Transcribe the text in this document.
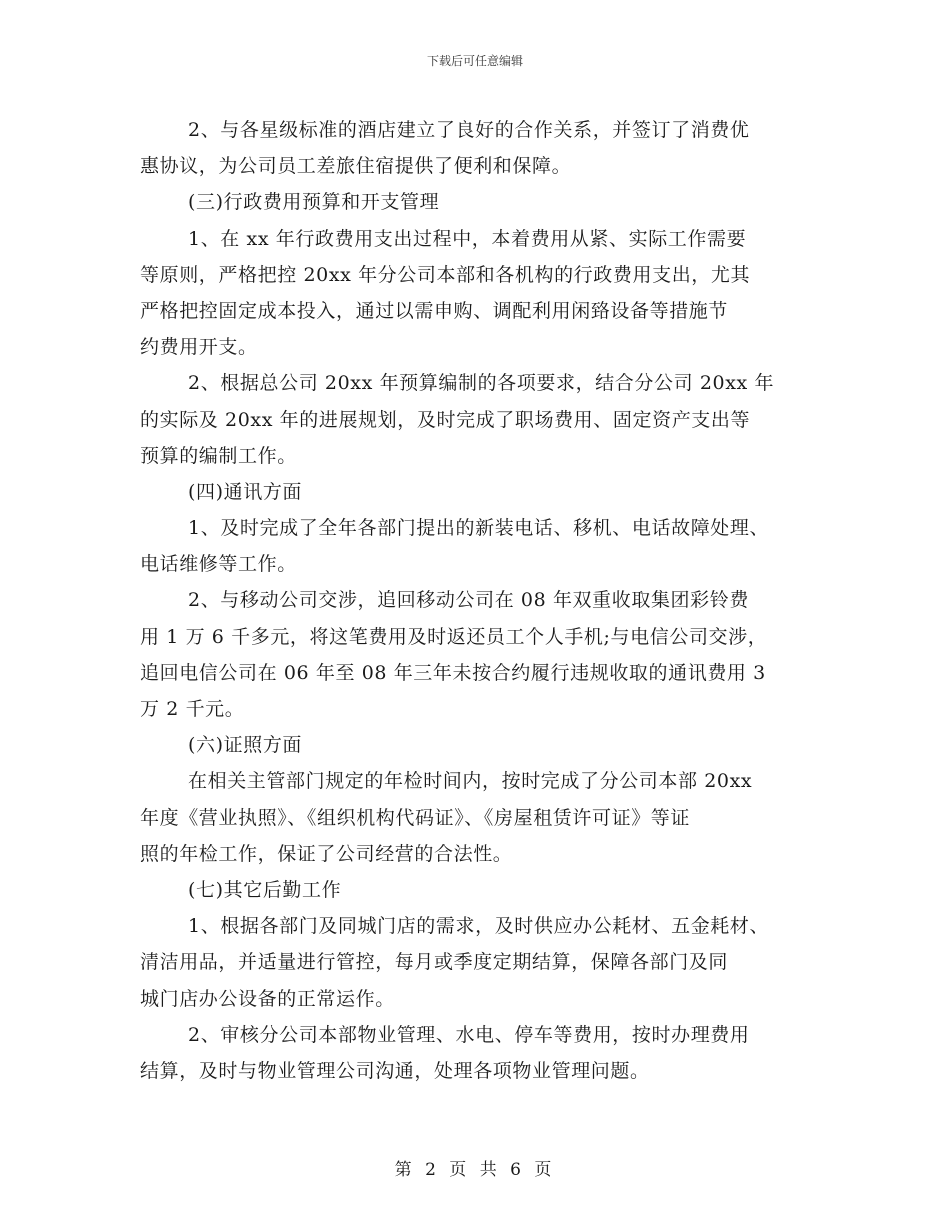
下载后可任意编辑
2、与各星级标准的酒店建立了良好的合作关系，并签订了消费优
惠协议，为公司员工差旅住宿提供了便利和保障。
(三)行政费用预算和开支管理
1、在 xx 年行政费用支出过程中，本着费用从紧、实际工作需要
等原则，严格把控 20xx 年分公司本部和各机构的行政费用支出，尤其
严格把控固定成本投入，通过以需申购、调配利用闲臵设备等措施节
约费用开支。
2、根据总公司 20xx 年预算编制的各项要求，结合分公司 20xx 年
的实际及 20xx 年的进展规划，及时完成了职场费用、固定资产支出等
预算的编制工作。
(四)通讯方面
1、及时完成了全年各部门提出的新装电话、移机、电话故障处理、
电话维修等工作。
2、与移动公司交涉，追回移动公司在 08 年双重收取集团彩铃费
用 1 万 6 千多元，将这笔费用及时返还员工个人手机;与电信公司交涉，
追回电信公司在 06 年至 08 年三年未按合约履行违规收取的通讯费用 3
万 2 千元。
(六)证照方面
在相关主管部门规定的年检时间内，按时完成了分公司本部 20xx
年度《营业执照》、《组织机构代码证》、《房屋租赁许可证》等证
照的年检工作，保证了公司经营的合法性。
(七)其它后勤工作
1、根据各部门及同城门店的需求，及时供应办公耗材、五金耗材、
清洁用品，并适量进行管控，每月或季度定期结算，保障各部门及同
城门店办公设备的正常运作。
2、审核分公司本部物业管理、水电、停车等费用，按时办理费用
结算，及时与物业管理公司沟通，处理各项物业管理问题。
第 2 页 共 6 页
